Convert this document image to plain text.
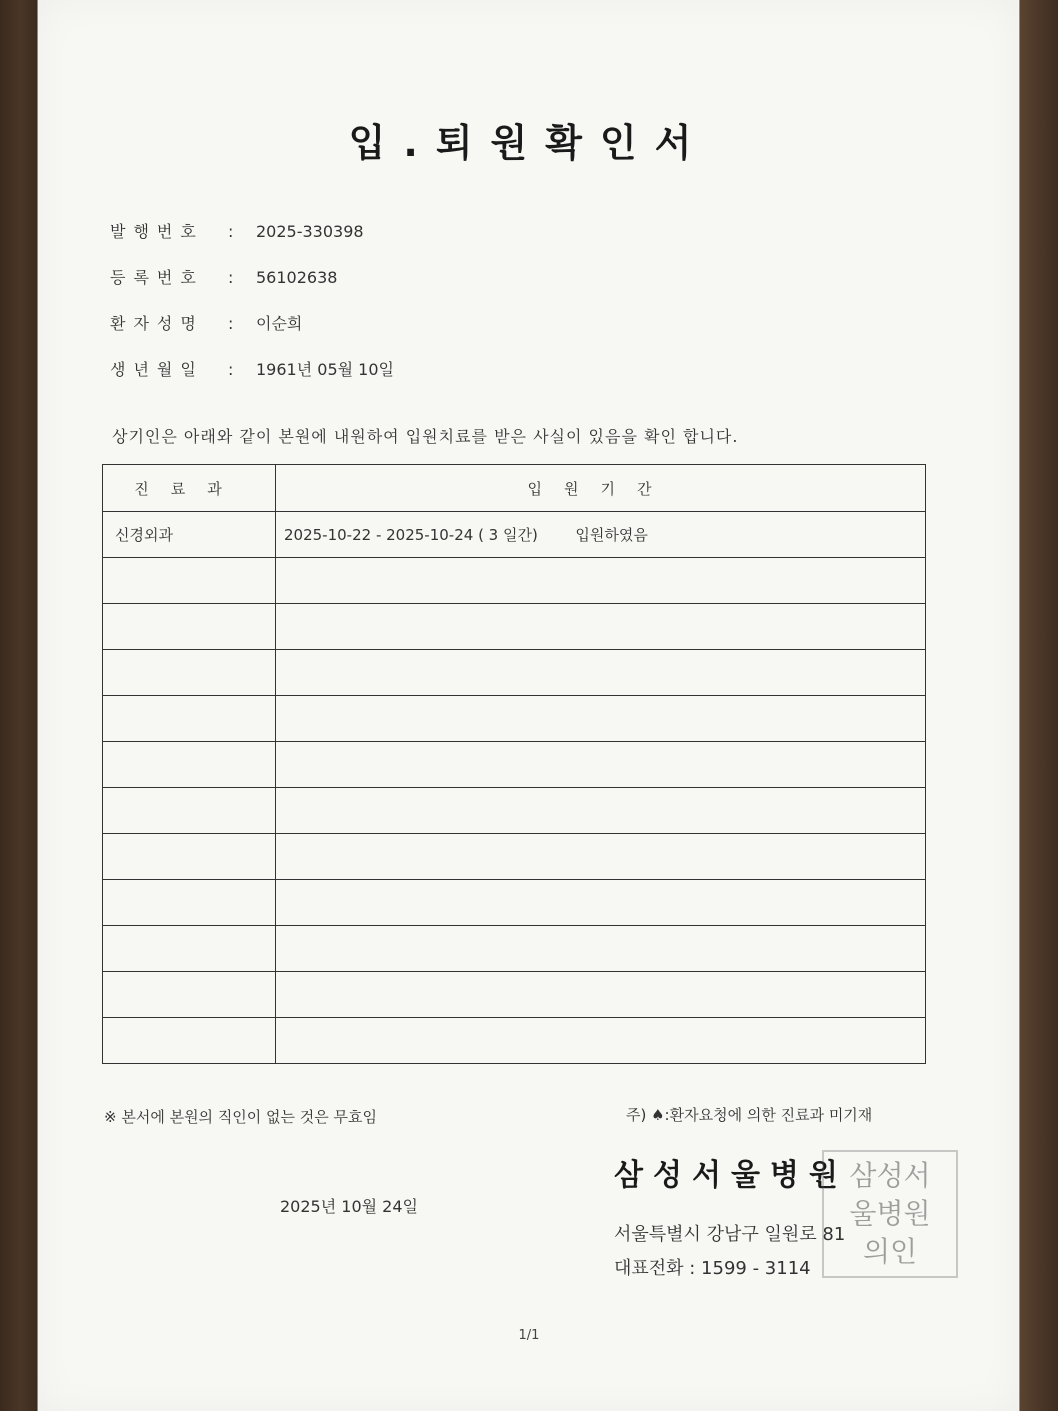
입.퇴원확인서
발행번호 : 2025-330398
등록번호 : 56102638
환자성명 : 이순희
생년월일 : 1961년 05월 10일
상기인은 아래와 같이 본원에 내원하여 입원치료를 받은 사실이 있음을 확인 합니다.
진료과	입원기간
신경외과	2025-10-22 - 2025-10-24 ( 3 일간) 입원하였음

※ 본서에 본원의 직인이 없는 것은 무효임	주) ♠:환자요청에 의한 진료과 미기재
2025년 10월 24일
삼성서울병원
서울특별시 강남구 일원로 81
대표전화 : 1599 - 3114
삼성서울병원의인
1/1
